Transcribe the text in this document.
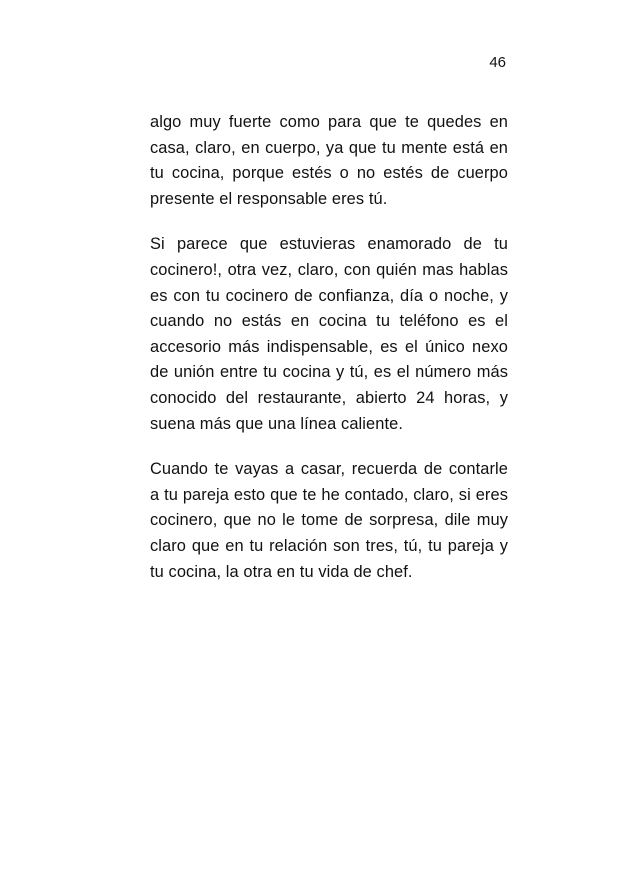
46

algo muy fuerte como para que te quedes en casa, claro, en cuerpo, ya que tu mente está en tu cocina, porque estés o no estés de cuerpo presente el responsable eres tú.

Si parece que estuvieras enamorado de tu cocinero!, otra vez, claro, con quién mas hablas es con tu cocinero de confianza, día o noche, y cuando no estás en cocina tu teléfono es el accesorio más indispensable, es el único nexo de unión entre tu cocina y tú, es el número más conocido del restaurante, abierto 24 horas, y suena más que una línea caliente.

Cuando te vayas a casar, recuerda de contarle a tu pareja esto que te he contado, claro, si eres cocinero, que no le tome de sorpresa, dile muy claro que en tu relación son tres, tú, tu pareja y tu cocina, la otra en tu vida de chef.
